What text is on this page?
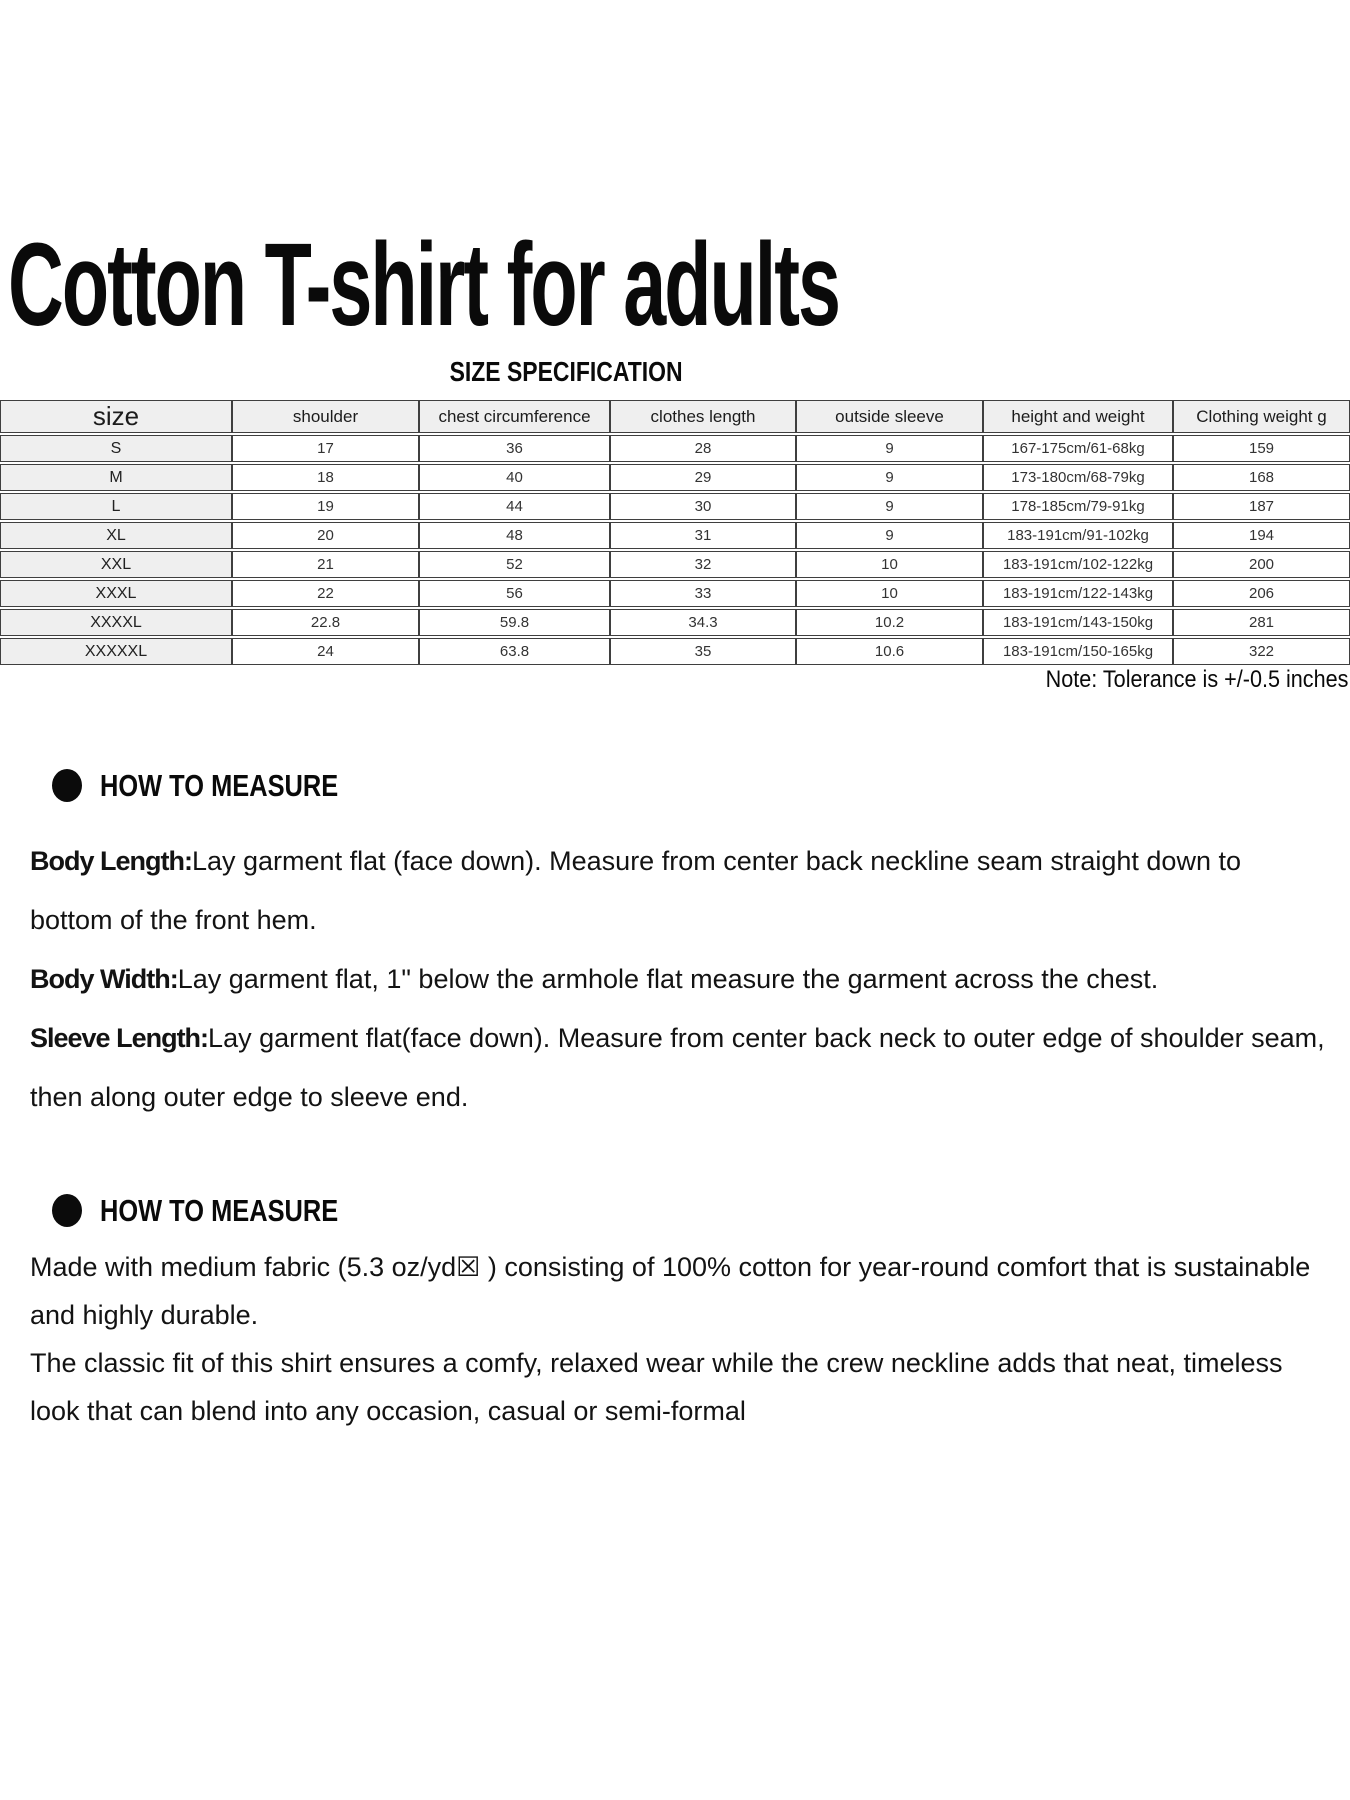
Cotton T-shirt for adults
SIZE SPECIFICATION
size	shoulder	chest circumference	clothes length	outside sleeve	height and weight	Clothing weight g
S	17	36	28	9	167-175cm/61-68kg	159
M	18	40	29	9	173-180cm/68-79kg	168
L	19	44	30	9	178-185cm/79-91kg	187
XL	20	48	31	9	183-191cm/91-102kg	194
XXL	21	52	32	10	183-191cm/102-122kg	200
XXXL	22	56	33	10	183-191cm/122-143kg	206
XXXXL	22.8	59.8	34.3	10.2	183-191cm/143-150kg	281
XXXXXL	24	63.8	35	10.6	183-191cm/150-165kg	322
Note: Tolerance is +/-0.5 inches
HOW TO MEASURE

Body Length:Lay garment flat (face down). Measure from center back neckline seam straight down to bottom of the front hem.

Body Width:Lay garment flat, 1" below the armhole flat measure the garment across the chest.

Sleeve Length:Lay garment flat(face down). Measure from center back neck to outer edge of shoulder seam, then along outer edge to sleeve end.

HOW TO MEASURE

Made with medium fabric (5.3 oz/yd☒ ) consisting of 100% cotton for year-round comfort that is sustainable and highly durable.

The classic fit of this shirt ensures a comfy, relaxed wear while the crew neckline adds that neat, timeless look that can blend into any occasion, casual or semi-formal
